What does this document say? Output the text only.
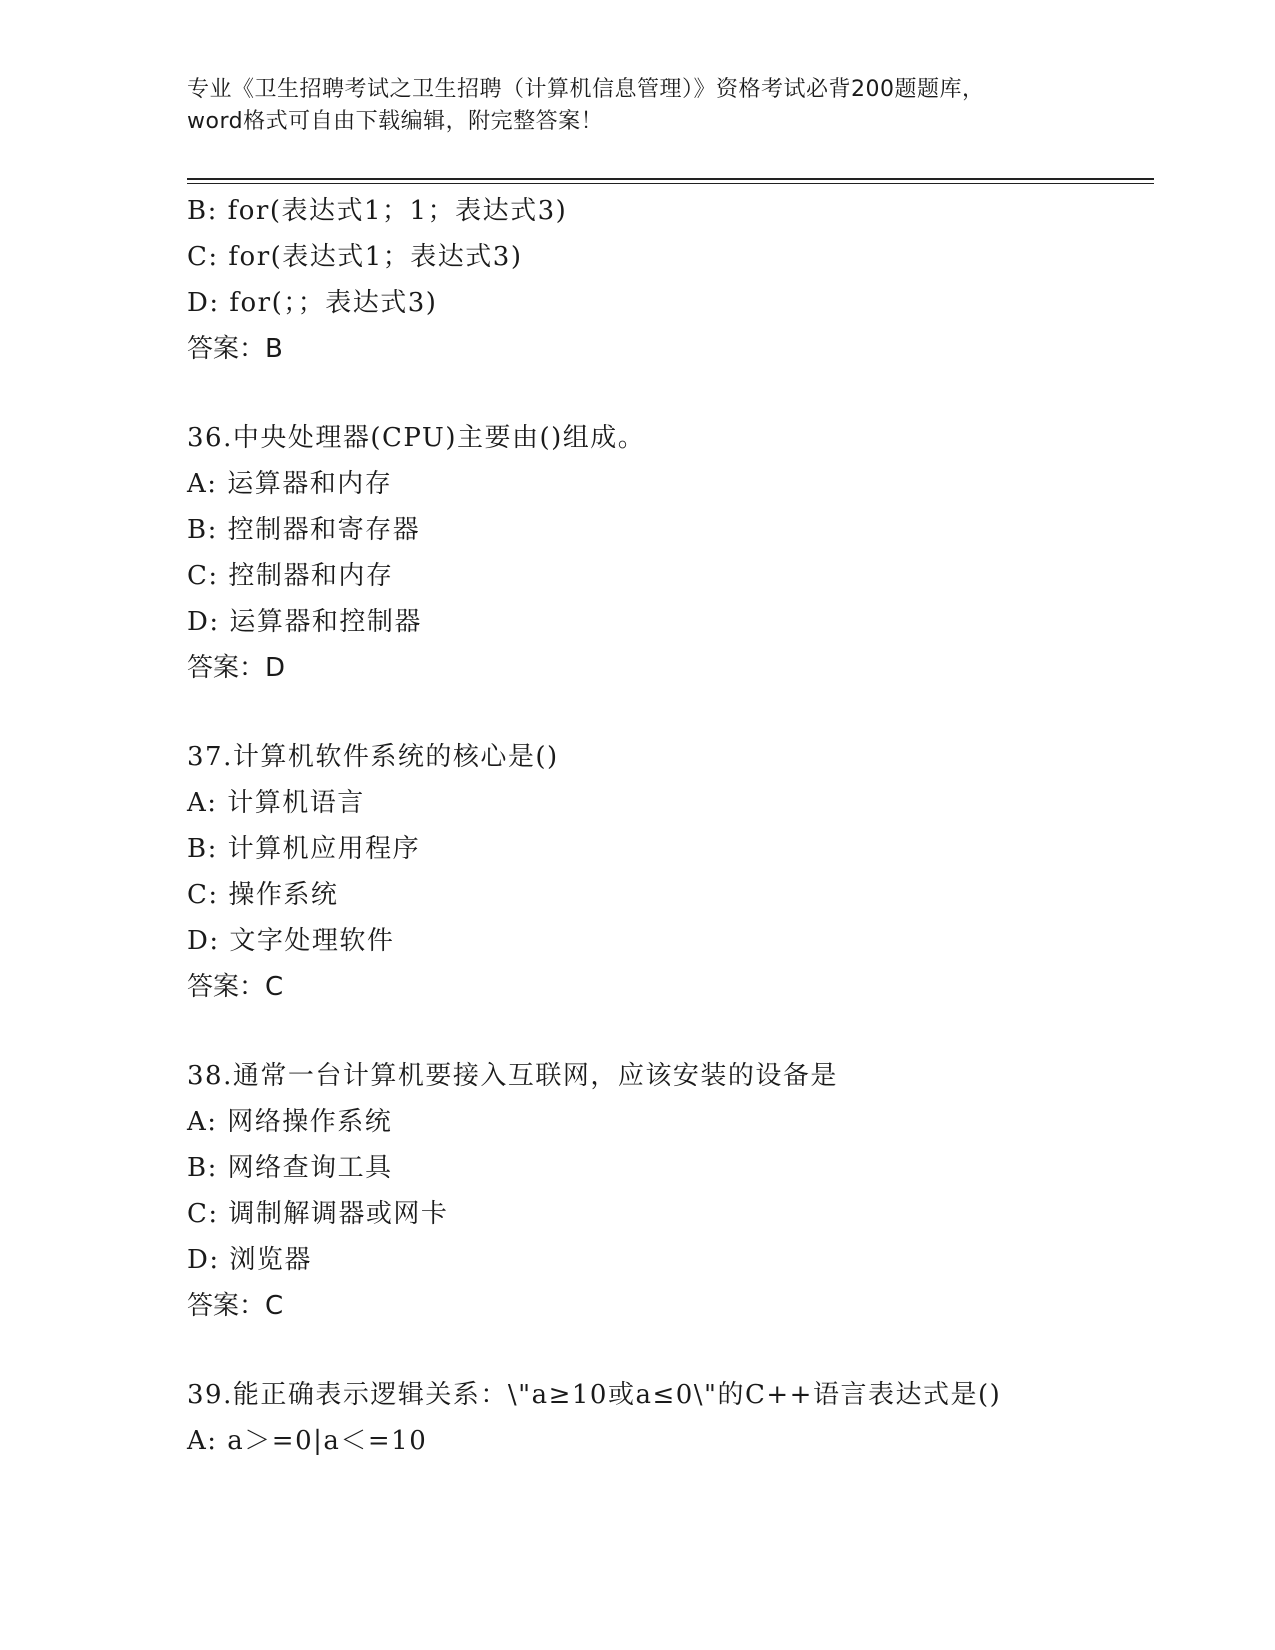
专业《卫生招聘考试之卫生招聘（计算机信息管理）》资格考试必背200题题库，
word格式可自由下载编辑，附完整答案！
B: for(表达式1；1；表达式3)
C: for(表达式1；表达式3)
D: for(；；表达式3)
答案：B
36.中央处理器(CPU)主要由()组成。
A: 运算器和内存
B: 控制器和寄存器
C: 控制器和内存
D: 运算器和控制器
答案：D
37.计算机软件系统的核心是()
A: 计算机语言
B: 计算机应用程序
C: 操作系统
D: 文字处理软件
答案：C
38.通常一台计算机要接入互联网，应该安装的设备是
A: 网络操作系统
B: 网络查询工具
C: 调制解调器或网卡
D: 浏览器
答案：C
39.能正确表示逻辑关系：\"a≥10或a≤0\"的C++语言表达式是()
A: a＞=0|a＜=10
